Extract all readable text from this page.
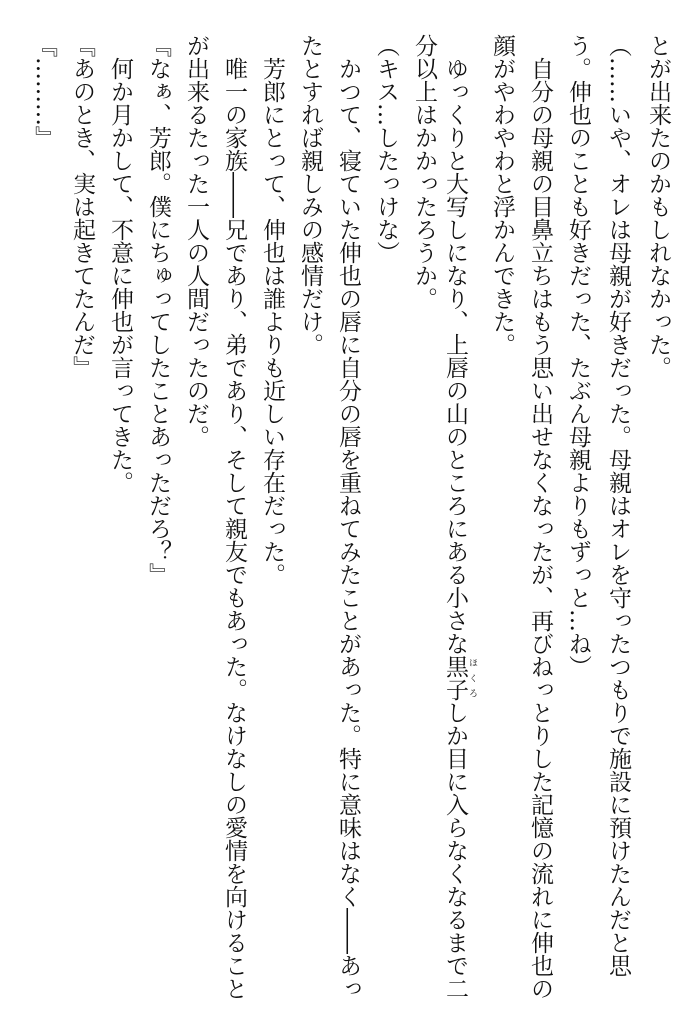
とが出来たのかもしれなかった。
（……いや、オレは母親が好きだった。母親はオレを守ったつもりで施設に預けたんだと思
う。伸也のことも好きだった、たぶん母親よりもずっと…ね）
　自分の母親の目鼻立ちはもう思い出せなくなったが、再びねっとりした記憶の流れに伸也の
顔がやわやわと浮かんできた。
　ゆっくりと大写しになり、上唇の山のところにある小さな黒子 ほくろしか目に入らなくなるまで二
分以上はかかったろうか。
（キス…したっけな）
　かつて、寝ていた伸也の唇に自分の唇を重ねてみたことがあった。特に意味はなく――あっ
たとすれば親しみの感情だけ。
　芳郎にとって、伸也は誰よりも近しい存在だった。
　唯一の家族――兄であり、弟であり、そして親友でもあった。なけなしの愛情を向けること
が出来るたった一人の人間だったのだ。
『なぁ、芳郎。僕にちゅってしたことあっただろ？』
　何か月かして、不意に伸也が言ってきた。
『あのとき、実は起きてたんだ』
『………』
